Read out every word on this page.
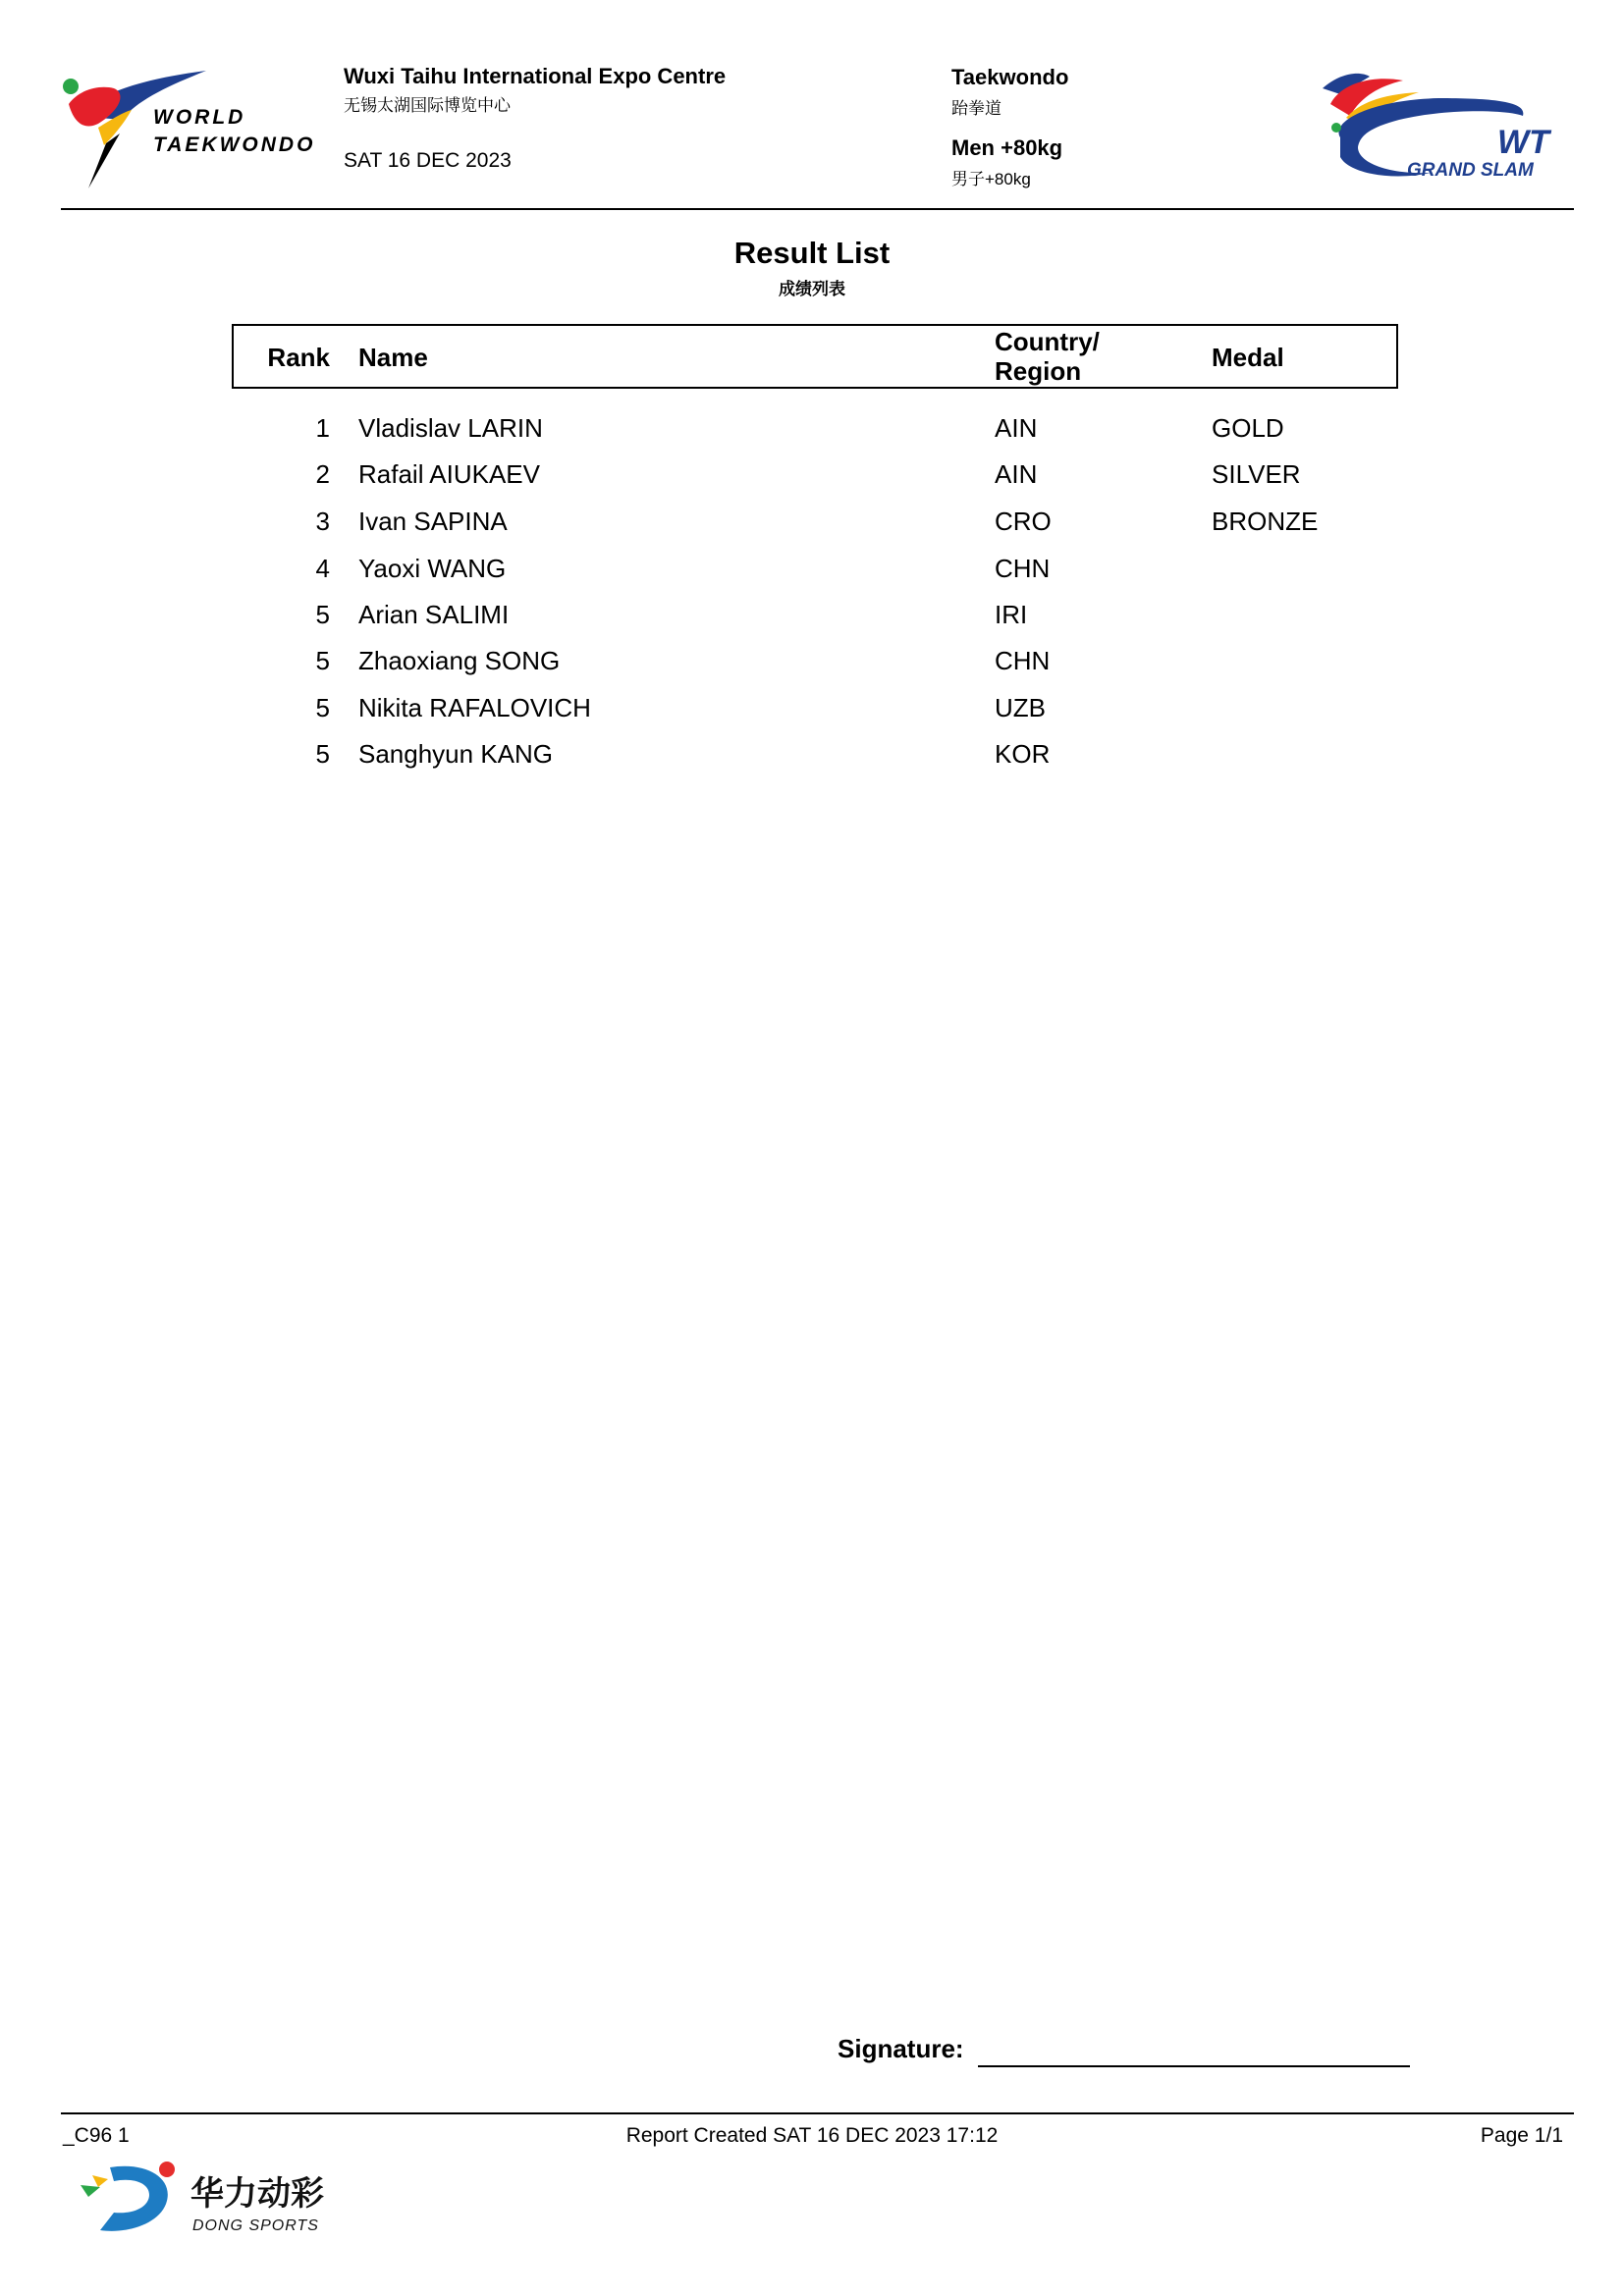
WORLD
TAEKWONDO
Wuxi Taihu International Expo Centre
无锡太湖国际博览中心
SAT 16 DEC 2023
Taekwondo
跆拳道
Men +80kg
男子+80kg
WT
GRAND SLAM
Result List
成绩列表
Rank Name
Country/
Region	Medal
1 Vladislav LARIN	AIN	GOLD
2 Rafail AIUKAEV	AIN	SILVER
3 Ivan SAPINA	CRO	BRONZE
4 Yaoxi WANG	CHN
5 Arian SALIMI	IRI
5 Zhaoxiang SONG	CHN
5 Nikita RAFALOVICH	UZB
5 Sanghyun KANG	KOR
Signature:
_C96 1	Report Created SAT 16 DEC 2023 17:12	Page 1/1
华力动彩
DONG SPORTS
